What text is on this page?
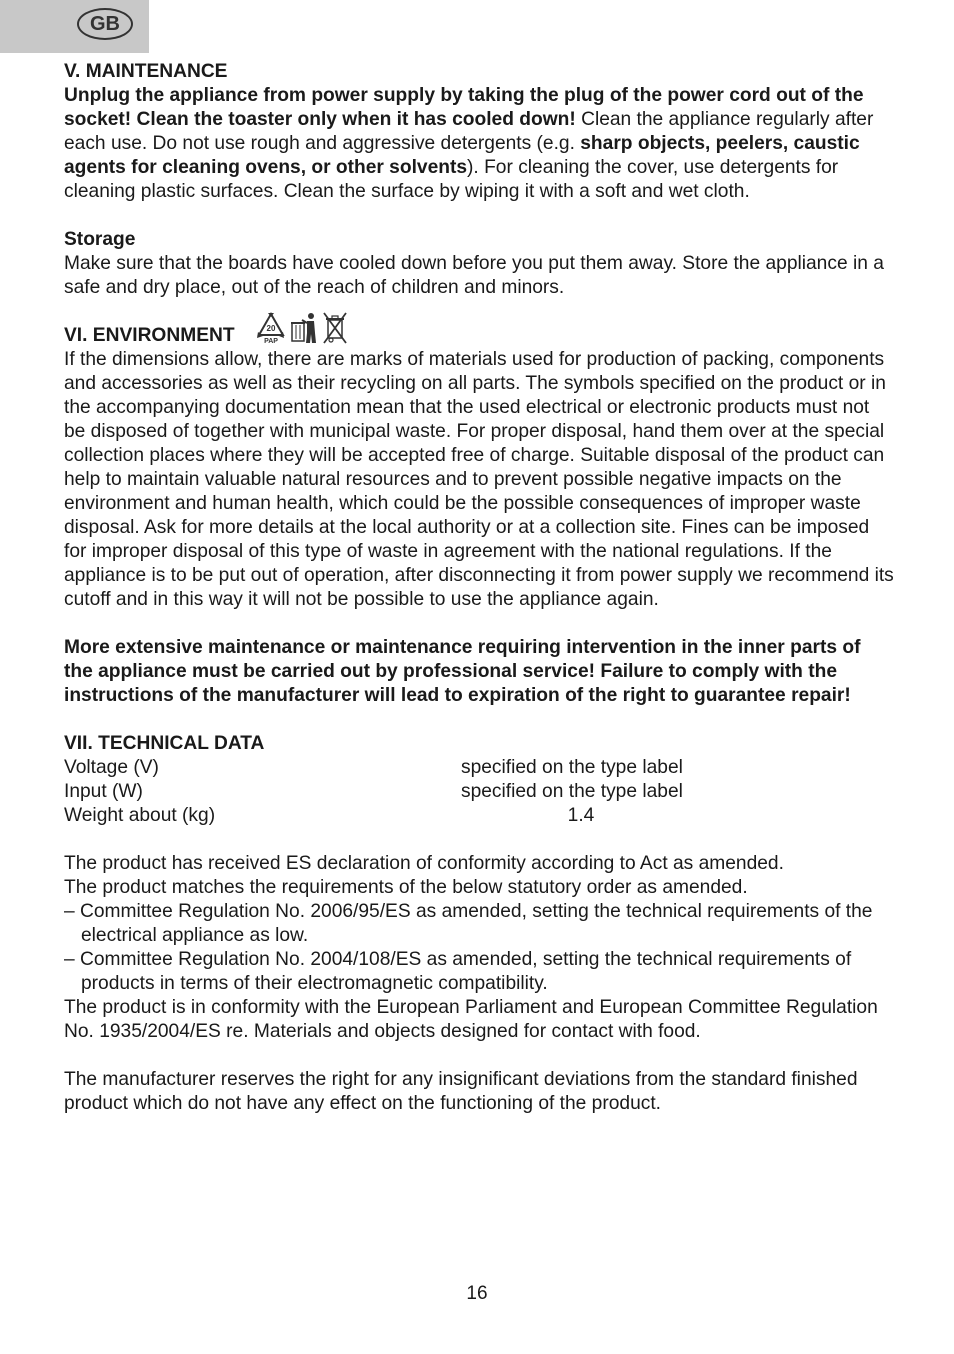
GB

V. MAINTENANCE

Unplug the appliance from power supply by taking the plug of the power cord out of the socket! Clean the toaster only when it has cooled down! Clean the appliance regularly after each use. Do not use rough and aggressive detergents (e.g. sharp objects, peelers, caustic agents for cleaning ovens, or other solvents). For cleaning the cover, use detergents for cleaning plastic surfaces. Clean the surface by wiping it with a soft and wet cloth.

Storage

Make sure that the boards have cooled down before you put them away. Store the appliance in a safe and dry place, out of the reach of children and minors.

VI. ENVIRONMENT	20
PAP

If the dimensions allow, there are marks of materials used for production of packing, components and accessories as well as their recycling on all parts. The symbols specified on the product or in the accompanying documentation mean that the used electrical or electronic products must not be disposed of together with municipal waste. For proper disposal, hand them over at the special collection places where they will be accepted free of charge. Suitable disposal of the product can help to maintain valuable natural resources and to prevent possible negative impacts on the environment and human health, which could be the possible consequences of improper waste disposal. Ask for more details at the local authority or at a collection site. Fines can be imposed for improper disposal of this type of waste in agreement with the national regulations. If the appliance is to be put out of operation, after disconnecting it from power supply we recommend its cutoff and in this way it will not be possible to use the appliance again.

More extensive maintenance or maintenance requiring intervention in the inner parts of the appliance must be carried out by professional service! Failure to comply with the instructions of the manufacturer will lead to expiration of the right to guarantee repair!

VII. TECHNICAL DATA

Voltage (V)	specified on the type label
Input (W)	specified on the type label
Weight about (kg)	1.4

The product has received ES declaration of conformity according to Act as amended.

The product matches the requirements of the below statutory order as amended.

– Committee Regulation No. 2006/95/ES as amended, setting the technical requirements of the electrical appliance as low.

– Committee Regulation No. 2004/108/ES as amended, setting the technical requirements of products in terms of their electromagnetic compatibility.

The product is in conformity with the European Parliament and European Committee Regulation No. 1935/2004/ES re. Materials and objects designed for contact with food.

The manufacturer reserves the right for any insignificant deviations from the standard finished product which do not have any effect on the functioning of the product.

16
